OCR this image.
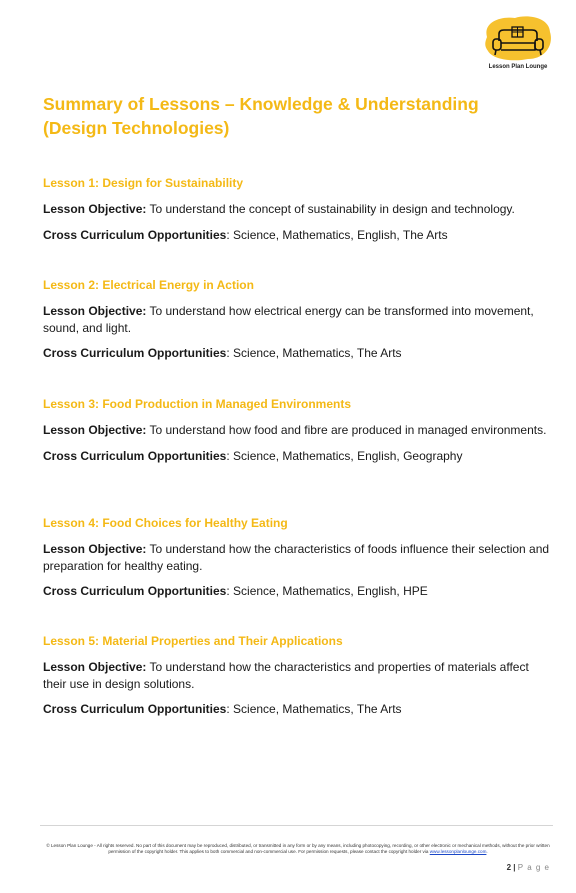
Lesson Plan Lounge
Summary of Lessons – Knowledge & Understanding (Design Technologies)

Lesson 1: Design for Sustainability

Lesson Objective: To understand the concept of sustainability in design and technology.

Cross Curriculum Opportunities: Science, Mathematics, English, The Arts

Lesson 2: Electrical Energy in Action

Lesson Objective: To understand how electrical energy can be transformed into movement, sound, and light.

Cross Curriculum Opportunities: Science, Mathematics, The Arts

Lesson 3: Food Production in Managed Environments

Lesson Objective: To understand how food and fibre are produced in managed environments.

Cross Curriculum Opportunities: Science, Mathematics, English, Geography

Lesson 4: Food Choices for Healthy Eating

Lesson Objective: To understand how the characteristics of foods influence their selection and preparation for healthy eating.

Cross Curriculum Opportunities: Science, Mathematics, English, HPE

Lesson 5: Material Properties and Their Applications

Lesson Objective: To understand how the characteristics and properties of materials affect their use in design solutions.

Cross Curriculum Opportunities: Science, Mathematics, The Arts

© Lesson Plan Lounge - All rights reserved. No part of this document may be reproduced, distributed, or transmitted in any form or by any means, including photocopying, recording, or other electronic or mechanical methods, without the prior written permission of the copyright holder. This applies to both commercial and non-commercial use. For permission requests, please contact the copyright holder via www.lessonplanlounge.com.
2 | P a g e
